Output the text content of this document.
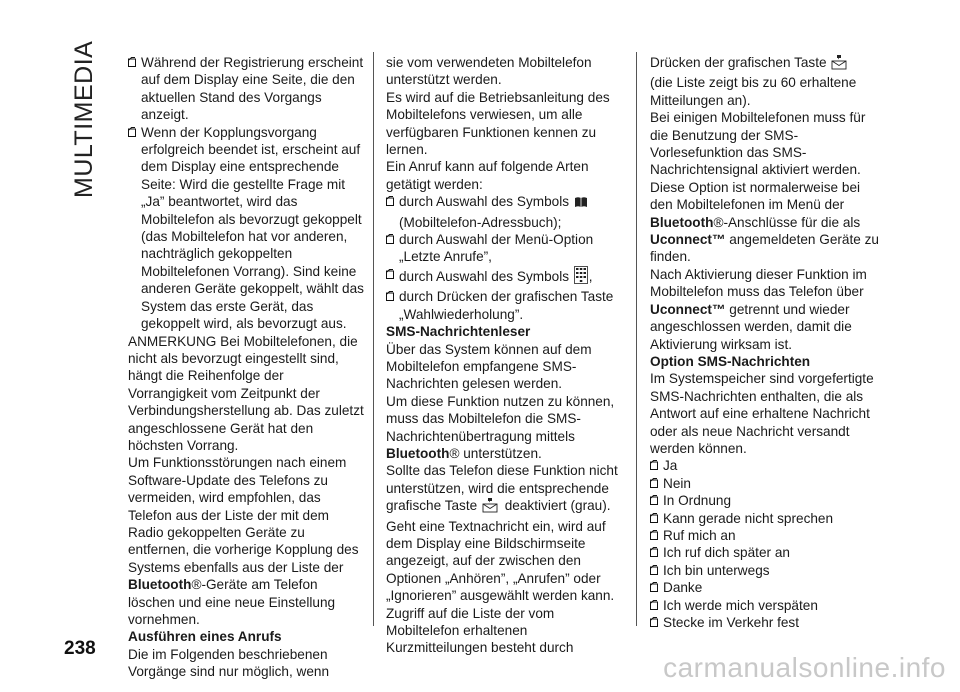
MULTIMEDIA	Während der Registrierung erscheint auf dem Display eine Seite, die den aktuellen Stand des Vorgangs anzeigt.

Wenn der Kopplungsvorgang erfolgreich beendet ist, erscheint auf dem Display eine entsprechende Seite: Wird die gestellte Frage mit „Ja” beantwortet, wird das Mobiltelefon als bevorzugt gekoppelt (das Mobiltelefon hat vor anderen, nachträglich gekoppelten Mobiltelefonen Vorrang). Sind keine anderen Geräte gekoppelt, wählt das System das erste Gerät, das gekoppelt wird, als bevorzugt aus.

ANMERKUNG Bei Mobiltelefonen, die nicht als bevorzugt eingestellt sind, hängt die Reihenfolge der Vorrangigkeit vom Zeitpunkt der Verbindungsherstellung ab. Das zuletzt angeschlossene Gerät hat den höchsten Vorrang.

Um Funktionsstörungen nach einem Software-Update des Telefons zu vermeiden, wird empfohlen, das Telefon aus der Liste der mit dem Radio gekoppelten Geräte zu entfernen, die vorherige Kopplung des Systems ebenfalls aus der Liste der Bluetooth®-Geräte am Telefon löschen und eine neue Einstellung vornehmen.

Ausführen eines Anrufs

Die im Folgenden beschriebenen Vorgänge sind nur möglich, wenn

sie vom verwendeten Mobiltelefon unterstützt werden.

Es wird auf die Betriebsanleitung des Mobiltelefons verwiesen, um alle verfügbaren Funktionen kennen zu lernen.

Ein Anruf kann auf folgende Arten getätigt werden:

durch Auswahl des Symbols
(Mobiltelefon-Adressbuch);

durch Auswahl der Menü-Option „Letzte Anrufe”,

durch Auswahl des Symbols ,

durch Drücken der grafischen Taste „Wahlwiederholung”.

SMS-Nachrichtenleser

Über das System können auf dem Mobiltelefon empfangene SMS-Nachrichten gelesen werden.

Um diese Funktion nutzen zu können, muss das Mobiltelefon die SMS-Nachrichtenübertragung mittels Bluetooth® unterstützen.

Sollte das Telefon diese Funktion nicht unterstützen, wird die entsprechende grafische Taste  deaktiviert (grau).

Geht eine Textnachricht ein, wird auf dem Display eine Bildschirmseite angezeigt, auf der zwischen den Optionen „Anhören”, „Anrufen” oder „Ignorieren” ausgewählt werden kann.

Zugriff auf die Liste der vom Mobiltelefon erhaltenen Kurzmitteilungen besteht durch

Drücken der grafischen Taste
(die Liste zeigt bis zu 60 erhaltene Mitteilungen an).

Bei einigen Mobiltelefonen muss für die Benutzung der SMS-Vorlesefunktion das SMS-Nachrichtensignal aktiviert werden. Diese Option ist normalerweise bei den Mobiltelefonen im Menü der Bluetooth®-Anschlüsse für die als Uconnect™ angemeldeten Geräte zu finden.

Nach Aktivierung dieser Funktion im Mobiltelefon muss das Telefon über Uconnect™ getrennt und wieder angeschlossen werden, damit die Aktivierung wirksam ist.

Option SMS-Nachrichten

Im Systemspeicher sind vorgefertigte SMS-Nachrichten enthalten, die als Antwort auf eine erhaltene Nachricht oder als neue Nachricht versandt werden können.

Ja

Nein

In Ordnung

Kann gerade nicht sprechen

Ruf mich an

Ich ruf dich später an

Ich bin unterwegs

Danke

Ich werde mich verspäten

Stecke im Verkehr fest

238
carmanualsonline.info
